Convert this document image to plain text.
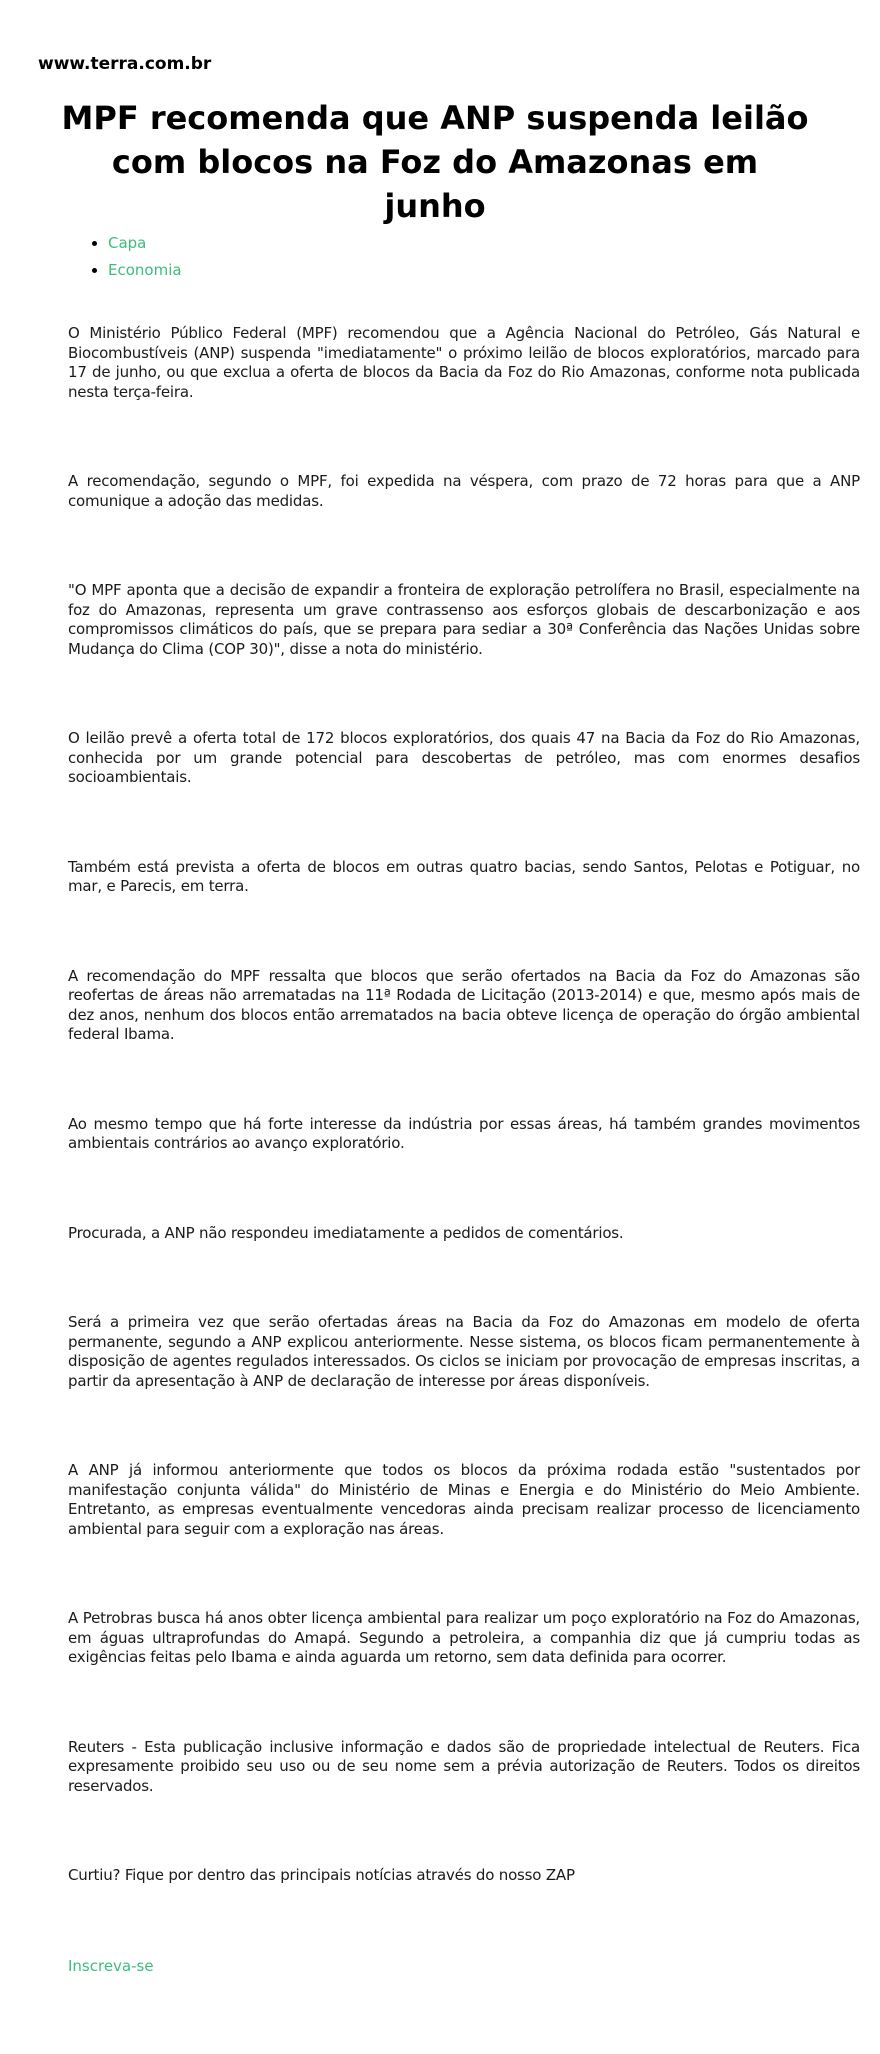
www.terra.com.br
MPF recomenda que ANP suspenda leilão com blocos na Foz do Amazonas em junho
• Capa
• Economia

O Ministério Público Federal (MPF) recomendou que a Agência Nacional do Petróleo, Gás Natural e Biocombustíveis (ANP) suspenda "imediatamente" o próximo leilão de blocos exploratórios, marcado para 17 de junho, ou que exclua a oferta de blocos da Bacia da Foz do Rio Amazonas, conforme nota publicada nesta terça-feira.

A recomendação, segundo o MPF, foi expedida na véspera, com prazo de 72 horas para que a ANP comunique a adoção das medidas.

"O MPF aponta que a decisão de expandir a fronteira de exploração petrolífera no Brasil, especialmente na foz do Amazonas, representa um grave contrassenso aos esforços globais de descarbonização e aos compromissos climáticos do país, que se prepara para sediar a 30ª Conferência das Nações Unidas sobre Mudança do Clima (COP 30)", disse a nota do ministério.

O leilão prevê a oferta total de 172 blocos exploratórios, dos quais 47 na Bacia da Foz do Rio Amazonas, conhecida por um grande potencial para descobertas de petróleo, mas com enormes desafios socioambientais.

Também está prevista a oferta de blocos em outras quatro bacias, sendo Santos, Pelotas e Potiguar, no mar, e Parecis, em terra.

A recomendação do MPF ressalta que blocos que serão ofertados na Bacia da Foz do Amazonas são reofertas de áreas não arrematadas na 11ª Rodada de Licitação (2013-2014) e que, mesmo após mais de dez anos, nenhum dos blocos então arrematados na bacia obteve licença de operação do órgão ambiental federal Ibama.

Ao mesmo tempo que há forte interesse da indústria por essas áreas, há também grandes movimentos ambientais contrários ao avanço exploratório.

Procurada, a ANP não respondeu imediatamente a pedidos de comentários.

Será a primeira vez que serão ofertadas áreas na Bacia da Foz do Amazonas em modelo de oferta permanente, segundo a ANP explicou anteriormente. Nesse sistema, os blocos ficam permanentemente à disposição de agentes regulados interessados. Os ciclos se iniciam por provocação de empresas inscritas, a partir da apresentação à ANP de declaração de interesse por áreas disponíveis.

A ANP já informou anteriormente que todos os blocos da próxima rodada estão "sustentados por manifestação conjunta válida" do Ministério de Minas e Energia e do Ministério do Meio Ambiente. Entretanto, as empresas eventualmente vencedoras ainda precisam realizar processo de licenciamento ambiental para seguir com a exploração nas áreas.

A Petrobras busca há anos obter licença ambiental para realizar um poço exploratório na Foz do Amazonas, em águas ultraprofundas do Amapá. Segundo a petroleira, a companhia diz que já cumpriu todas as exigências feitas pelo Ibama e ainda aguarda um retorno, sem data definida para ocorrer.

Reuters - Esta publicação inclusive informação e dados são de propriedade intelectual de Reuters. Fica expresamente proibido seu uso ou de seu nome sem a prévia autorização de Reuters. Todos os direitos reservados.

Curtiu? Fique por dentro das principais notícias através do nosso ZAP

Inscreva-se
